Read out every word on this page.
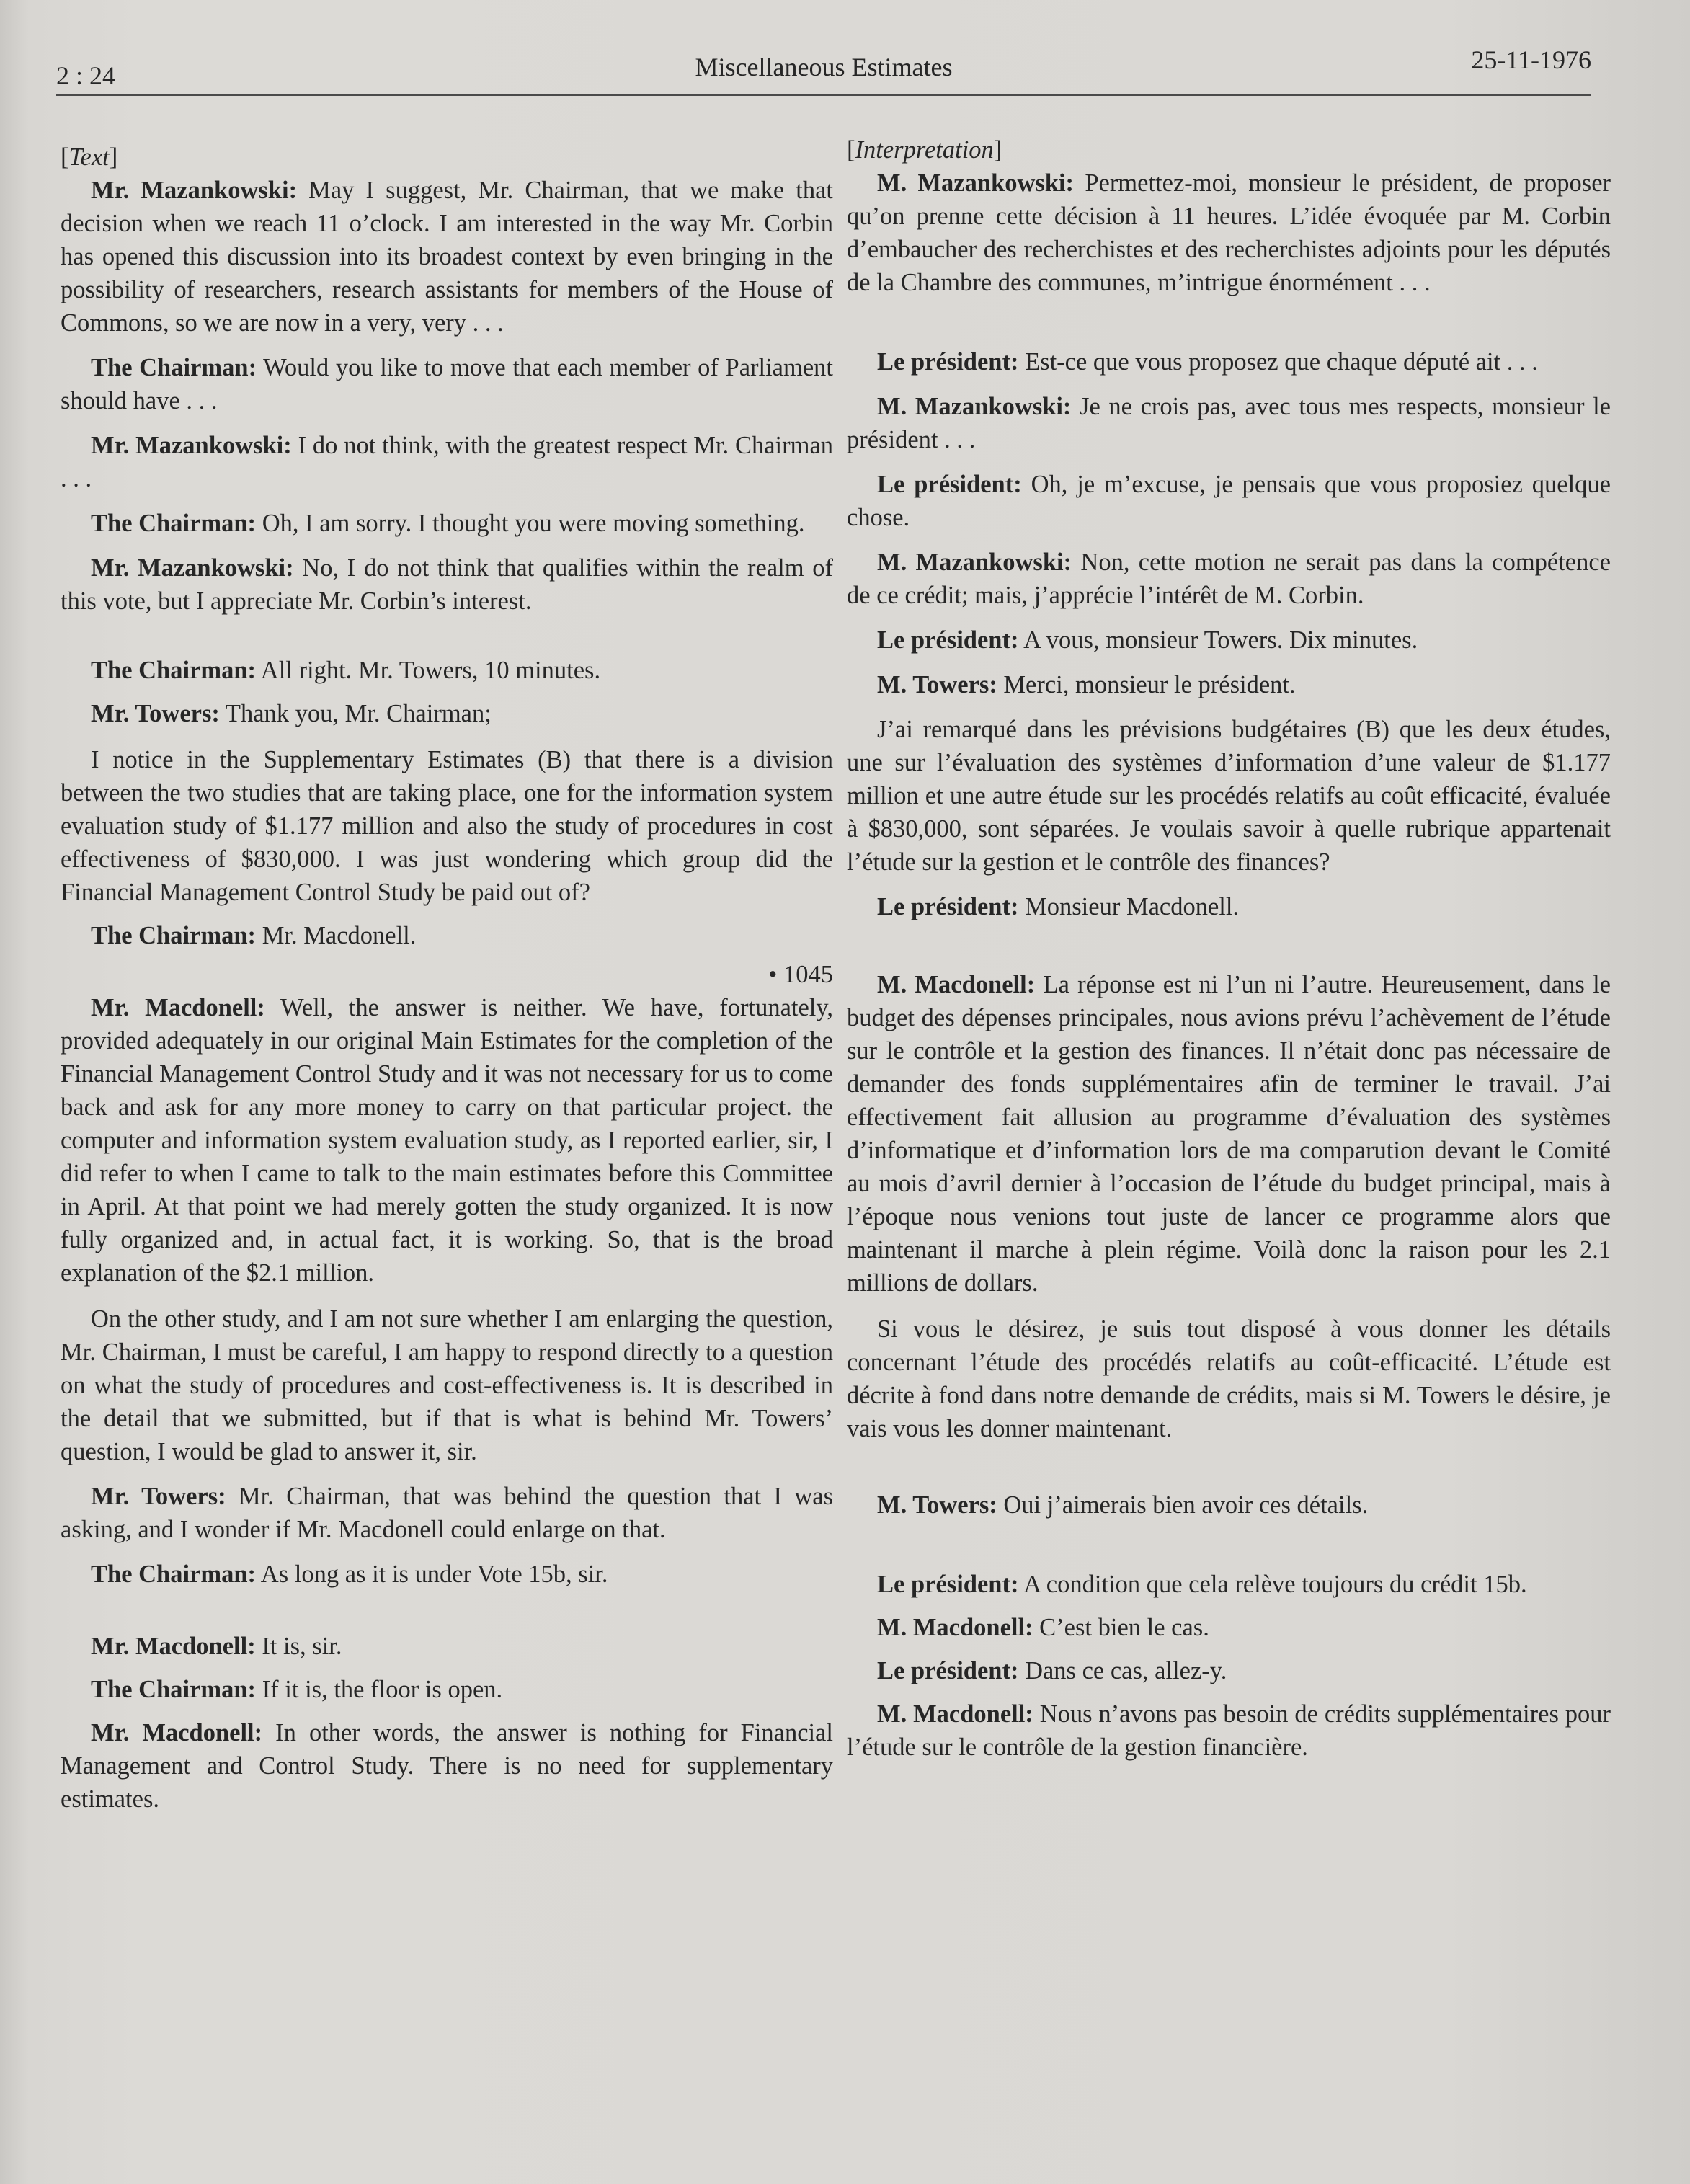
2 : 24	Miscellaneous Estimates	25-11-1976

[Text]

Mr. Mazankowski: May I suggest, Mr. Chairman, that we make that decision when we reach 11 o’clock. I am interested in the way Mr. Corbin has opened this discussion into its broadest context by even bringing in the possibility of researchers, research assistants for members of the House of Commons, so we are now in a very, very . . .

The Chairman: Would you like to move that each member of Parliament should have . . .

Mr. Mazankowski: I do not think, with the greatest respect Mr. Chairman . . .

The Chairman: Oh, I am sorry. I thought you were moving something.

Mr. Mazankowski: No, I do not think that qualifies within the realm of this vote, but I appreciate Mr. Corbin’s interest.

The Chairman: All right. Mr. Towers, 10 minutes.

Mr. Towers: Thank you, Mr. Chairman;

I notice in the Supplementary Estimates (B) that there is a division between the two studies that are taking place, one for the information system evaluation study of $1.177 million and also the study of procedures in cost effectiveness of $830,000. I was just wondering which group did the Financial Management Control Study be paid out of?

The Chairman: Mr. Macdonell.

• 1045

Mr. Macdonell: Well, the answer is neither. We have, fortunately, provided adequately in our original Main Estimates for the completion of the Financial Management Control Study and it was not necessary for us to come back and ask for any more money to carry on that particular project. the computer and information system evaluation study, as I reported earlier, sir, I did refer to when I came to talk to the main estimates before this Committee in April. At that point we had merely gotten the study organized. It is now fully organized and, in actual fact, it is working. So, that is the broad explanation of the $2.1 million.

On the other study, and I am not sure whether I am enlarging the question, Mr. Chairman, I must be careful, I am happy to respond directly to a question on what the study of procedures and cost-effectiveness is. It is described in the detail that we submitted, but if that is what is behind Mr. Towers’ question, I would be glad to answer it, sir.

Mr. Towers: Mr. Chairman, that was behind the question that I was asking, and I wonder if Mr. Macdonell could enlarge on that.

The Chairman: As long as it is under Vote 15b, sir.

Mr. Macdonell: It is, sir.

The Chairman: If it is, the floor is open.

Mr. Macdonell: In other words, the answer is nothing for Financial Management and Control Study. There is no need for supplementary estimates.

[Interpretation]

M. Mazankowski: Permettez-moi, monsieur le président, de proposer qu’on prenne cette décision à 11 heures. L’idée évoquée par M. Corbin d’embaucher des recherchistes et des recherchistes adjoints pour les députés de la Chambre des communes, m’intrigue énormément . . .

Le président: Est-ce que vous proposez que chaque député ait . . .

M. Mazankowski: Je ne crois pas, avec tous mes respects, monsieur le président . . .

Le président: Oh, je m’excuse, je pensais que vous proposiez quelque chose.

M. Mazankowski: Non, cette motion ne serait pas dans la compétence de ce crédit; mais, j’apprécie l’intérêt de M. Corbin.

Le président: A vous, monsieur Towers. Dix minutes.

M. Towers: Merci, monsieur le président.

J’ai remarqué dans les prévisions budgétaires (B) que les deux études, une sur l’évaluation des systèmes d’information d’une valeur de $1.177 million et une autre étude sur les procédés relatifs au coût efficacité, évaluée à $830,000, sont séparées. Je voulais savoir à quelle rubrique appartenait l’étude sur la gestion et le contrôle des finances?

Le président: Monsieur Macdonell.

M. Macdonell: La réponse est ni l’un ni l’autre. Heureusement, dans le budget des dépenses principales, nous avions prévu l’achèvement de l’étude sur le contrôle et la gestion des finances. Il n’était donc pas nécessaire de demander des fonds supplémentaires afin de terminer le travail. J’ai effectivement fait allusion au programme d’évaluation des systèmes d’informatique et d’information lors de ma comparution devant le Comité au mois d’avril dernier à l’occasion de l’étude du budget principal, mais à l’époque nous venions tout juste de lancer ce programme alors que maintenant il marche à plein régime. Voilà donc la raison pour les 2.1 millions de dollars.

Si vous le désirez, je suis tout disposé à vous donner les détails concernant l’étude des procédés relatifs au coût-efficacité. L’étude est décrite à fond dans notre demande de crédits, mais si M. Towers le désire, je vais vous les donner maintenant.

M. Towers: Oui j’aimerais bien avoir ces détails.

Le président: A condition que cela relève toujours du crédit 15b.

M. Macdonell: C’est bien le cas.

Le président: Dans ce cas, allez-y.

M. Macdonell: Nous n’avons pas besoin de crédits supplémentaires pour l’étude sur le contrôle de la gestion financière.
